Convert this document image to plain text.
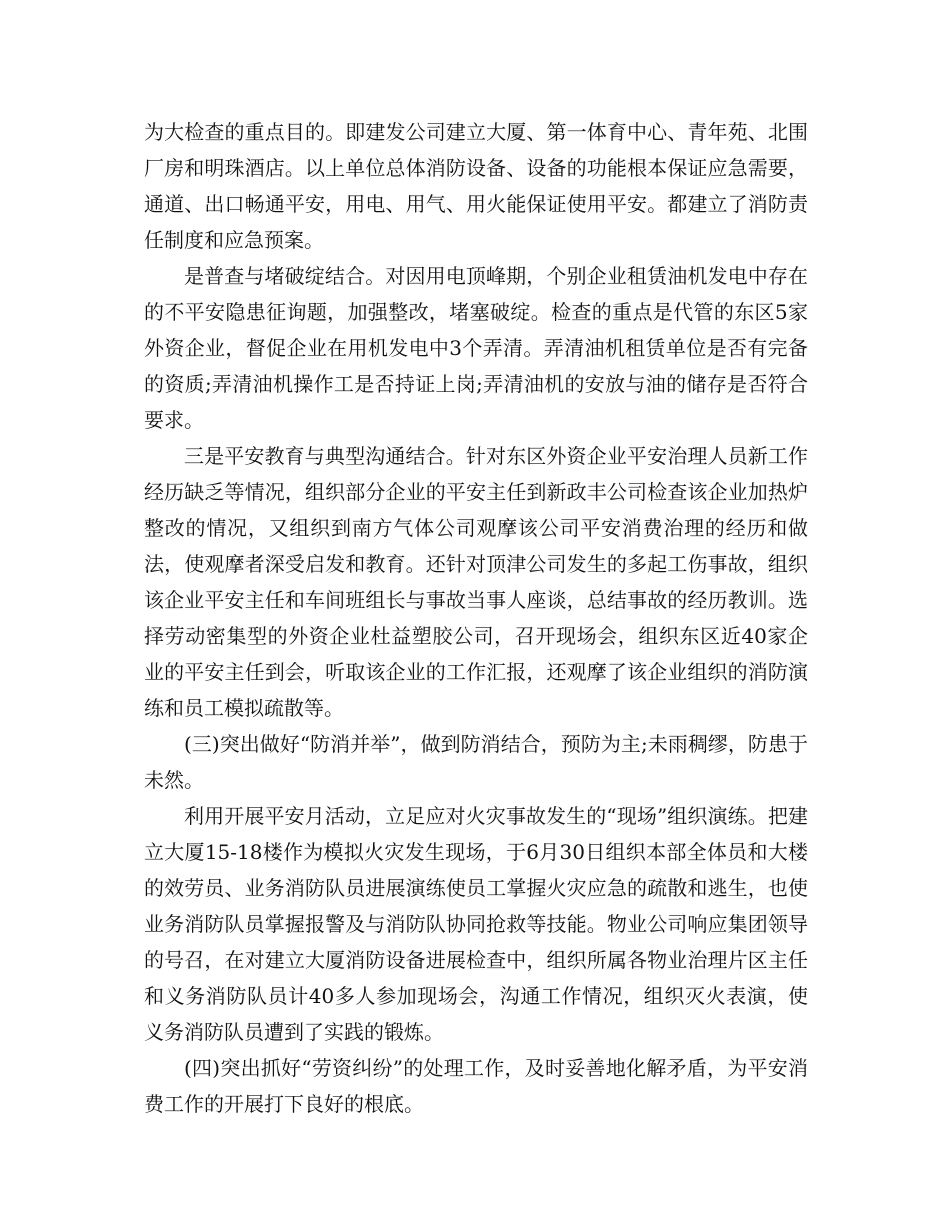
为大检查的重点目的。即建发公司建立大厦、第一体育中心、青年苑、北围厂房和明珠酒店。以上单位总体消防设备、设备的功能根本保证应急需要，通道、出口畅通平安，用电、用气、用火能保证使用平安。都建立了消防责任制度和应急预案。

是普查与堵破绽结合。对因用电顶峰期，个别企业租赁油机发电中存在的不平安隐患征询题，加强整改，堵塞破绽。检查的重点是代管的东区5家外资企业，督促企业在用机发电中3个弄清。弄清油机租赁单位是否有完备的资质;弄清油机操作工是否持证上岗;弄清油机的安放与油的储存是否符合要求。

三是平安教育与典型沟通结合。针对东区外资企业平安治理人员新工作经历缺乏等情况，组织部分企业的平安主任到新政丰公司检查该企业加热炉整改的情况，又组织到南方气体公司观摩该公司平安消费治理的经历和做法，使观摩者深受启发和教育。还针对顶津公司发生的多起工伤事故，组织该企业平安主任和车间班组长与事故当事人座谈，总结事故的经历教训。选择劳动密集型的外资企业杜益塑胶公司，召开现场会，组织东区近40家企业的平安主任到会，听取该企业的工作汇报，还观摩了该企业组织的消防演练和员工模拟疏散等。

(三)突出做好“防消并举”，做到防消结合，预防为主;未雨稠缪，防患于未然。

利用开展平安月活动，立足应对火灾事故发生的“现场”组织演练。把建立大厦15-18楼作为模拟火灾发生现场，于6月30日组织本部全体员和大楼的效劳员、业务消防队员进展演练使员工掌握火灾应急的疏散和逃生，也使业务消防队员掌握报警及与消防队协同抢救等技能。物业公司响应集团领导的号召，在对建立大厦消防设备进展检查中，组织所属各物业治理片区主任和义务消防队员计40多人参加现场会，沟通工作情况，组织灭火表演，使义务消防队员遭到了实践的锻炼。

(四)突出抓好“劳资纠纷”的处理工作，及时妥善地化解矛盾，为平安消费工作的开展打下良好的根底。
